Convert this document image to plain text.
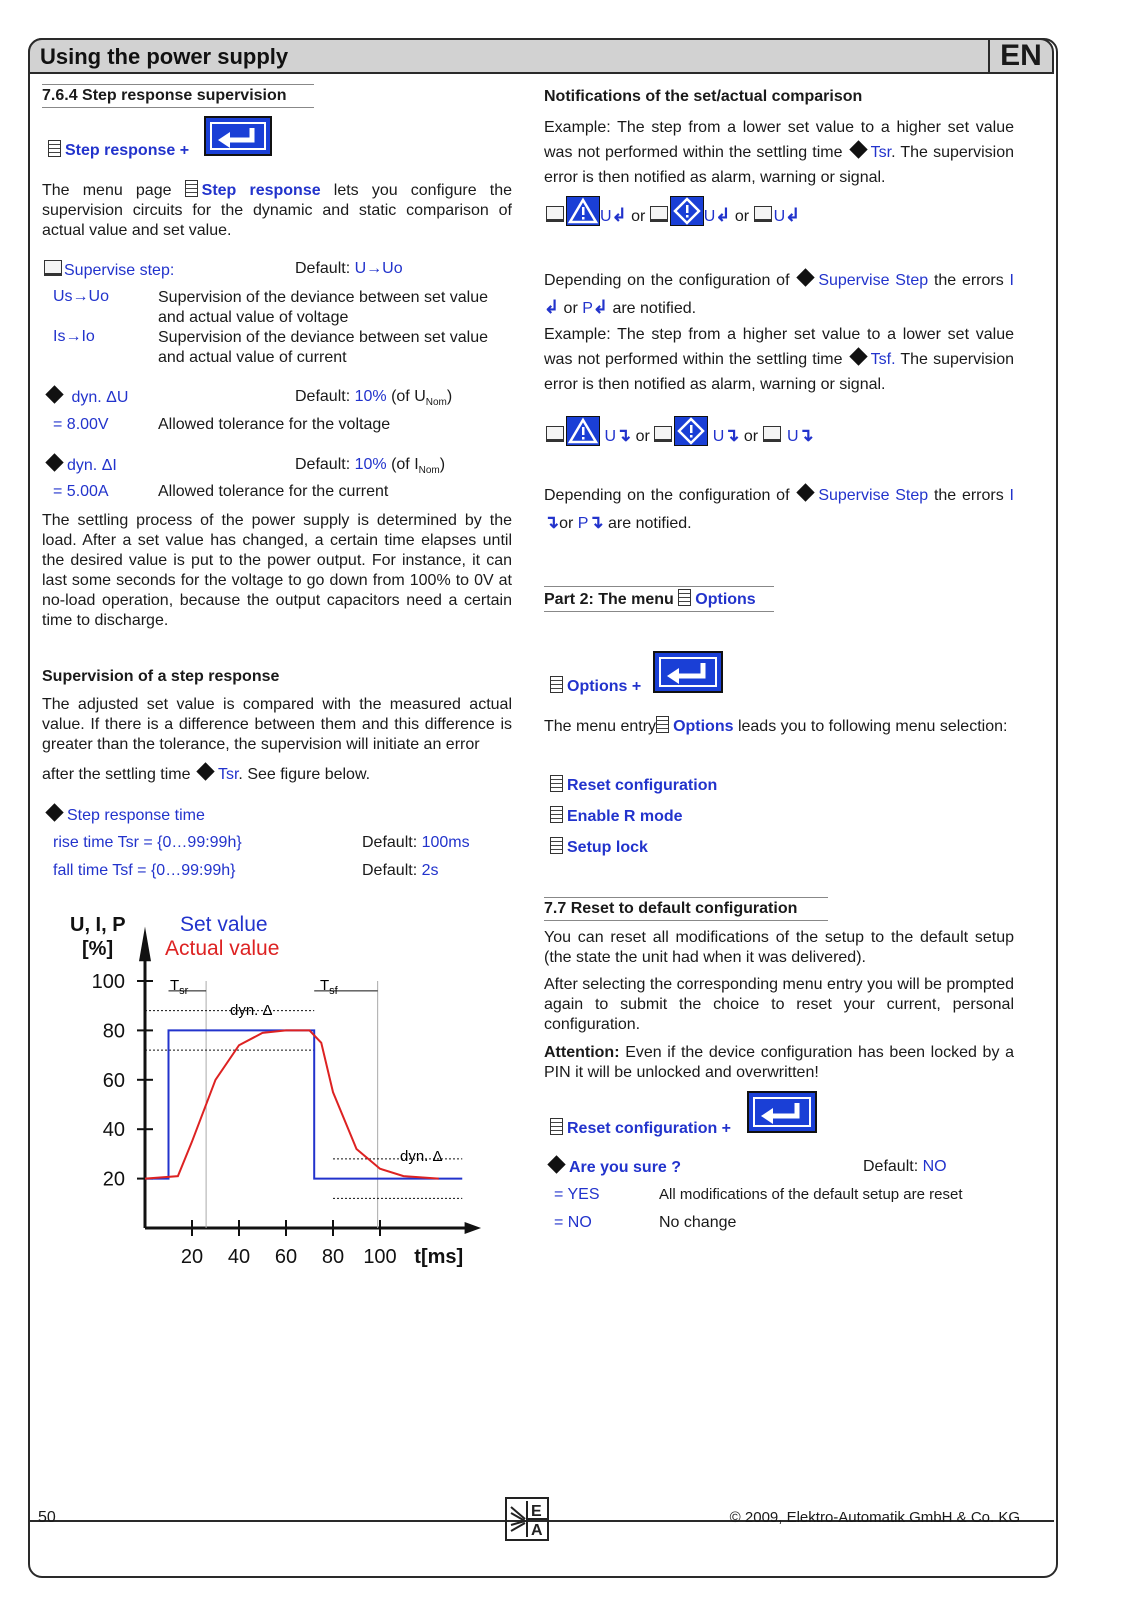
Using the power supply	EN
7.6.4 Step response supervision
Step response +
The menu page Step response lets you configure the supervision circuits for the dynamic and static comparison of actual value and set value.
Supervise step:	Default: U→Uo
Us→Uo	Supervision of the deviance between set value and actual value of voltage
Is→Io	Supervision of the deviance between set value and actual value of current
dyn. ΔU	Default: 10% (of $U_{Nom}$)
= 8.00V	Allowed tolerance for the voltage
dyn. ΔI	Default: 10% (of $I_{Nom}$)
= 5.00A	Allowed tolerance for the current
The settling process of the power supply is determined by the load. After a set value has changed, a certain time elapses until the desired value is put to the power output. For instance, it can last some seconds for the voltage to go down from 100% to 0V at no-load operation, because the output capacitors need a certain time to discharge.
Supervision of a step response
The adjusted set value is compared with the measured actual value. If there is a difference between them and this difference is greater than the tolerance, the supervision will initiate an error
after the settling time Tsr. See figure below.
Step response time
rise time Tsr = {0…99:99h}	Default: 100ms
fall time Tsf = {0…99:99h}	Default: 2s
U, I, P
[%]
Set value
Actual value
20
40
60
80
100
20 40 60 80 100 t[ms]
$T_{sr}$	$T_{sf}$
dyn. Δ
dyn. Δ
Notifications of the set/actual comparison
Example: The step from a lower set value to a higher set value was not performed within the settling time Tsr. The supervision error is then notified as alarm, warning or signal.
U↲ or	U↲ or U↲
Depending on the configuration of Supervise Step the errors I↲ or P↲ are notified.
Example: The step from a higher set value to a lower set value was not performed within the settling time Tsf. The supervision error is then notified as alarm, warning or signal.
U↴ or	U↴ or U↴
Depending on the configuration of Supervise Step the errors I↴or P↴ are notified.
Part 2: The menu Options
Options +
The menu entry Options leads you to following menu selection:
Reset configuration
Enable R mode
Setup lock
7.7 Reset to default configuration
You can reset all modifications of the setup to the default setup (the state the unit had when it was delivered).
After selecting the corresponding menu entry you will be prompted again to submit the choice to reset your current, personal configuration.
Attention: Even if the device configuration has been locked by a PIN it will be unlocked and overwritten!
Reset configuration +
Are you sure ?	Default: NO
= YES	All modifications of the default setup are reset
= NO	No change
50	E
A
© 2009, Elektro-Automatik GmbH & Co. KG
